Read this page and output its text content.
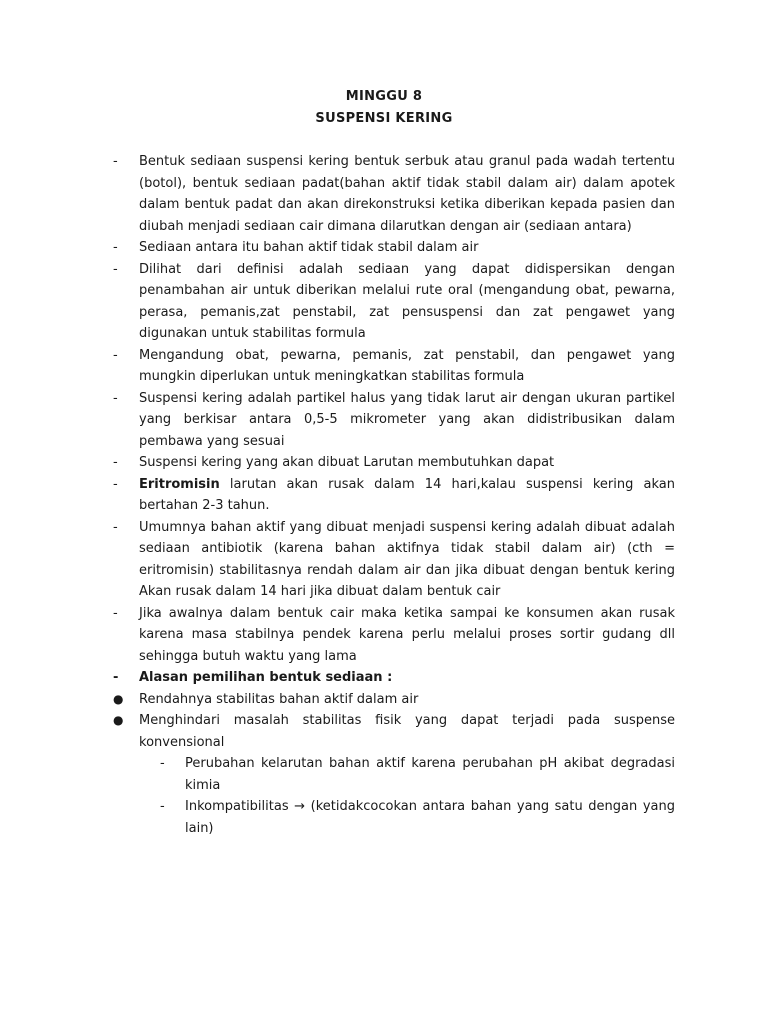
MINGGU 8
SUSPENSI KERING
-	Bentuk sediaan suspensi kering bentuk serbuk atau granul pada wadah tertentu (botol), bentuk sediaan padat(bahan aktif tidak stabil dalam air) dalam apotek dalam bentuk padat dan akan direkonstruksi ketika diberikan kepada pasien dan diubah menjadi sediaan cair dimana dilarutkan dengan air (sediaan antara)
-	Sediaan antara itu bahan aktif tidak stabil dalam air
-	Dilihat dari definisi adalah sediaan yang dapat didispersikan dengan penambahan air untuk diberikan melalui rute oral (mengandung obat, pewarna, perasa, pemanis,zat penstabil, zat pensuspensi dan zat pengawet yang digunakan untuk stabilitas formula
-	Mengandung obat, pewarna, pemanis, zat penstabil, dan pengawet yang mungkin diperlukan untuk meningkatkan stabilitas formula
-	Suspensi kering adalah partikel halus yang tidak larut air dengan ukuran partikel yang berkisar antara 0,5-5 mikrometer yang akan didistribusikan dalam pembawa yang sesuai
-	Suspensi kering yang akan dibuat Larutan membutuhkan dapat
-	Eritromisin larutan akan rusak dalam 14 hari,kalau suspensi kering akan bertahan 2-3 tahun.
-	Umumnya bahan aktif yang dibuat menjadi suspensi kering adalah dibuat adalah sediaan antibiotik (karena bahan aktifnya tidak stabil dalam air) (cth = eritromisin) stabilitasnya rendah dalam air dan jika dibuat dengan bentuk kering Akan rusak dalam 14 hari jika dibuat dalam bentuk cair
-	Jika awalnya dalam bentuk cair maka ketika sampai ke konsumen akan rusak karena masa stabilnya pendek karena perlu melalui proses sortir gudang dll sehingga butuh waktu yang lama
-	Alasan pemilihan bentuk sediaan :
●	Rendahnya stabilitas bahan aktif dalam air
●	Menghindari masalah stabilitas fisik yang dapat terjadi pada suspense konvensional
-	Perubahan kelarutan bahan aktif karena perubahan pH akibat degradasi kimia
-	Inkompatibilitas → (ketidakcocokan antara bahan yang satu dengan yang lain)
